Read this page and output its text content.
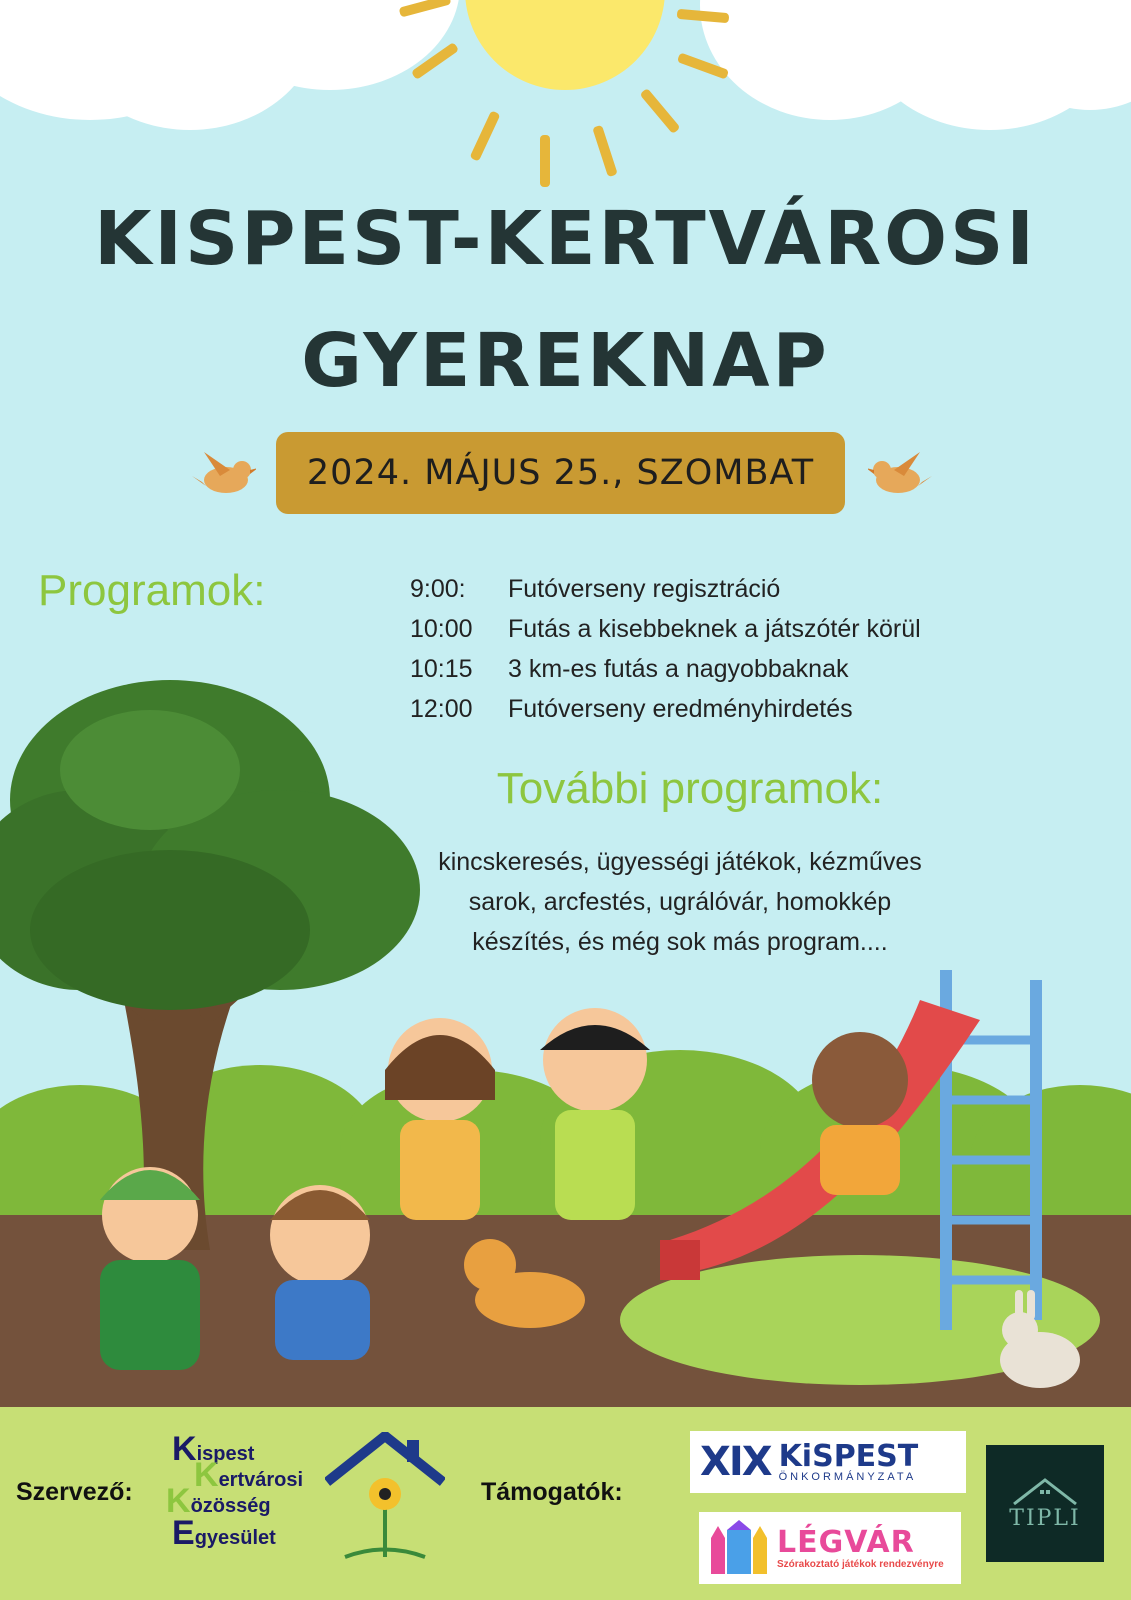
KISPEST-KERTVÁROSI
GYEREKNAP
2024. MÁJUS 25., SZOMBAT
Programok:	9:00: Futóverseny regisztráció
10:00 Futás a kisebbeknek a játszótér körül
10:15 3 km-es futás a nagyobbaknak
12:00 Futóverseny eredményhirdetés
További programok:
kincskeresés, ügyességi játékok, kézműves
sarok, arcfestés, ugrálóvár, homokkép
készítés, és még sok más program....
Szervező:
Kispest
Kertvárosi
Közösség
Egyesület
Támogatók:
XIX KiSPEST
ÖNKORMÁNYZATA
LÉGVÁR
Szórakoztató játékok rendezvényre
TIPLI
